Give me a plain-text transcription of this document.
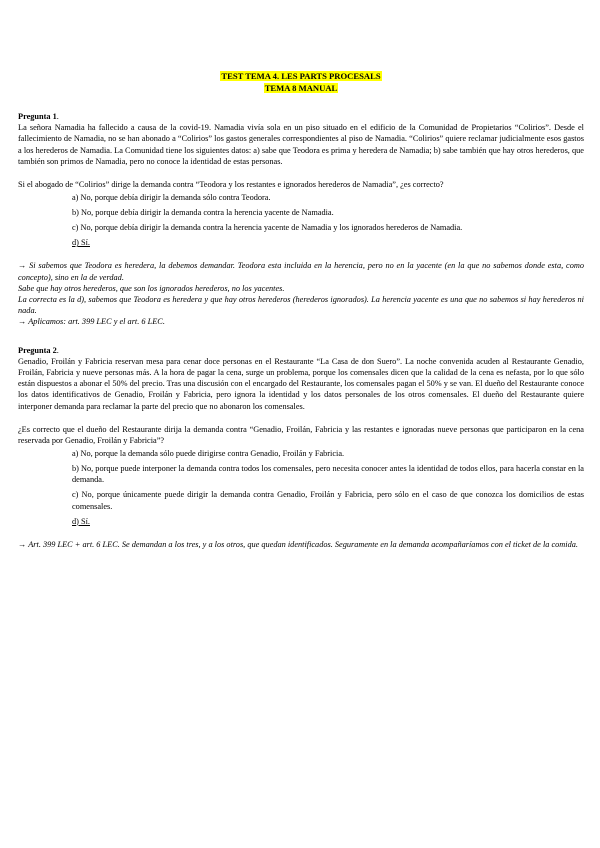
TEST TEMA 4. LES PARTS PROCESALS
TEMA 8 MANUAL

Pregunta 1.

La señora Namadia ha fallecido a causa de la covid-19. Namadia vivía sola en un piso situado en el edificio de la Comunidad de Propietarios “Colirios”. Desde el fallecimiento de Namadia, no se han abonado a “Colirios” los gastos generales correspondientes al piso de Namadia. “Colirios” quiere reclamar judicialmente esos gastos a los herederos de Namadia. La Comunidad tiene los siguientes datos: a) sabe que Teodora es prima y heredera de Namadia; b) sabe también que hay otros herederos, que también son primos de Namadia, pero no conoce la identidad de estas personas.

Si el abogado de “Colirios” dirige la demanda contra “Teodora y los restantes e ignorados herederos de Namadia”, ¿es correcto?

a) No, porque debía dirigir la demanda sólo contra Teodora.
b) No, porque debía dirigir la demanda contra la herencia yacente de Namadia.
c) No, porque debía dirigir la demanda contra la herencia yacente de Namadia y los ignorados herederos de Namadia.
d) Sí.

→ Si sabemos que Teodora es heredera, la debemos demandar. Teodora esta incluida en la herencia, pero no en la yacente (en la que no sabemos donde esta, como concepto), sino en la de verdad.

Sabe que hay otros herederos, que son los ignorados herederos, no los yacentes.

La correcta es la d), sabemos que Teodora es heredera y que hay otros herederos (herederos ignorados). La herencia yacente es una que no sabemos si hay herederos ni nada.

→ Aplicamos: art. 399 LEC y el art. 6 LEC.

Pregunta 2.

Genadio, Froilán y Fabricia reservan mesa para cenar doce personas en el Restaurante “La Casa de don Suero”. La noche convenida acuden al Restaurante Genadio, Froilán, Fabricia y nueve personas más. A la hora de pagar la cena, surge un problema, porque los comensales dicen que la calidad de la cena es nefasta, por lo que sólo están dispuestos a abonar el 50% del precio. Tras una discusión con el encargado del Restaurante, los comensales pagan el 50% y se van. El dueño del Restaurante conoce los datos identificativos de Genadio, Froilán y Fabricia, pero ignora la identidad y los datos personales de los otros comensales. El dueño del Restaurante quiere interponer demanda para reclamar la parte del precio que no abonaron los comensales.

¿Es correcto que el dueño del Restaurante dirija la demanda contra “Genadio, Froilán, Fabricia y las restantes e ignoradas nueve personas que participaron en la cena reservada por Genadio, Froilán y Fabricia”?

a) No, porque la demanda sólo puede dirigirse contra Genadio, Froilán y Fabricia.
b) No, porque puede interponer la demanda contra todos los comensales, pero necesita conocer antes la identidad de todos ellos, para hacerla constar en la demanda.
c) No, porque únicamente puede dirigir la demanda contra Genadio, Froilán y Fabricia, pero sólo en el caso de que conozca los domicilios de estas comensales.
d) Sí.

→ Art. 399 LEC + art. 6 LEC. Se demandan a los tres, y a los otros, que quedan identificados. Seguramente en la demanda acompañaríamos con el ticket de la comida.
